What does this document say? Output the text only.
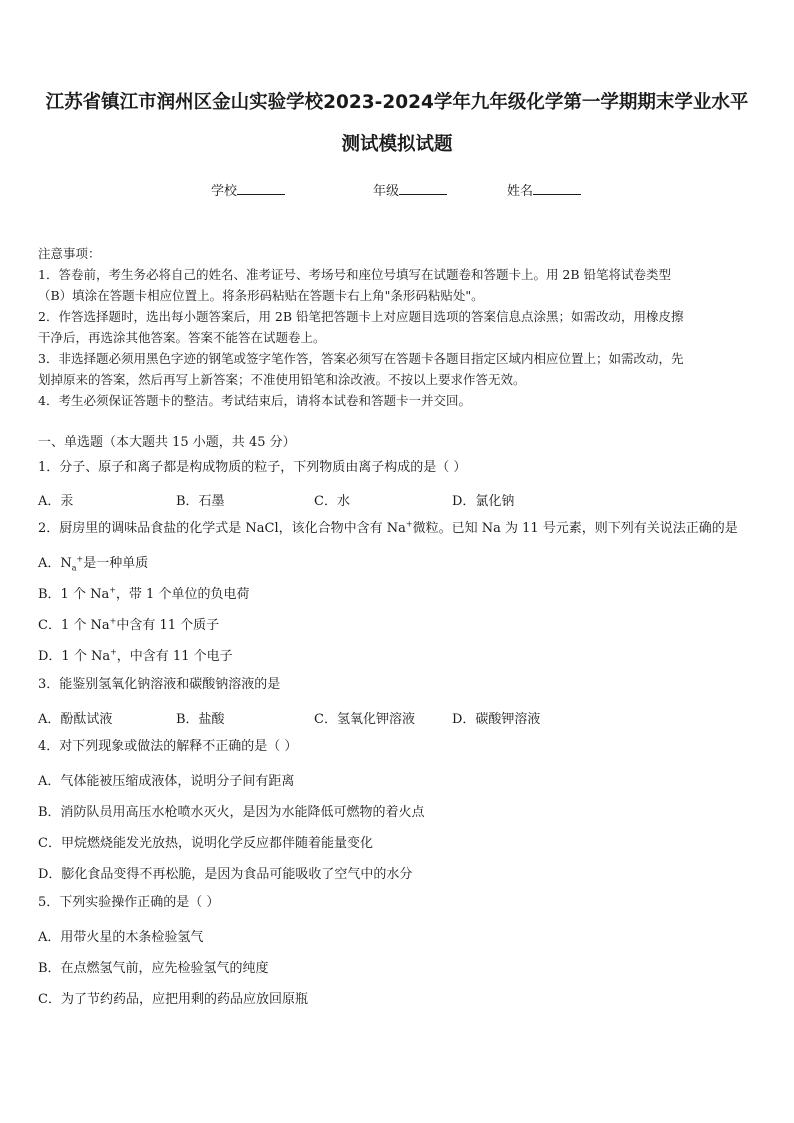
江苏省镇江市润州区金山实验学校2023-2024学年九年级化学第一学期期末学业水平
测试模拟试题
学校	年级	姓名
注意事项：
1．答卷前，考生务必将自己的姓名、准考证号、考场号和座位号填写在试题卷和答题卡上。用 2B 铅笔将试卷类型
（B）填涂在答题卡相应位置上。将条形码粘贴在答题卡右上角"条形码粘贴处"。
2．作答选择题时，选出每小题答案后，用 2B 铅笔把答题卡上对应题目选项的答案信息点涂黑；如需改动，用橡皮擦
干净后，再选涂其他答案。答案不能答在试题卷上。
3．非选择题必须用黑色字迹的钢笔或签字笔作答，答案必须写在答题卡各题目指定区域内相应位置上；如需改动，先
划掉原来的答案，然后再写上新答案；不准使用铅笔和涂改液。不按以上要求作答无效。
4．考生必须保证答题卡的整洁。考试结束后，请将本试卷和答题卡一并交回。
一、单选题（本大题共 15 小题，共 45 分）
1．分子、原子和离子都是构成物质的粒子，下列物质由离子构成的是（ ）
A．汞	B．石墨	C．水	D．氯化钠
2．厨房里的调味品食盐的化学式是 NaCl，该化合物中含有 Na+微粒。已知 Na 为 11 号元素，则下列有关说法正确的是
A．$N_a^+$是一种单质
B．1 个 Na+，带 1 个单位的负电荷
C．1 个 Na+中含有 11 个质子
D．1 个 Na+，中含有 11 个电子
3．能鉴别氢氧化钠溶液和碳酸钠溶液的是
A．酚酞试液	B．盐酸	C．氢氧化钾溶液	D．碳酸钾溶液
4．对下列现象或做法的解释不正确的是（ ）
A．气体能被压缩成液体，说明分子间有距离
B．消防队员用高压水枪喷水灭火，是因为水能降低可燃物的着火点
C．甲烷燃烧能发光放热，说明化学反应都伴随着能量变化
D．膨化食品变得不再松脆，是因为食品可能吸收了空气中的水分
5．下列实验操作正确的是（ ）
A．用带火星的木条检验氢气
B．在点燃氢气前，应先检验氢气的纯度
C．为了节约药品，应把用剩的药品应放回原瓶
